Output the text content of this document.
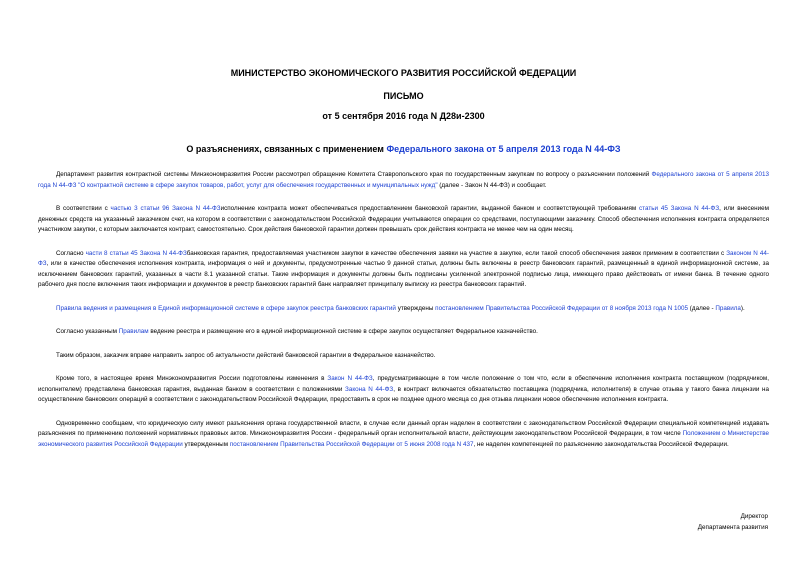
МИНИСТЕРСТВО ЭКОНОМИЧЕСКОГО РАЗВИТИЯ РОССИЙСКОЙ ФЕДЕРАЦИИ
ПИСЬМО
от 5 сентября 2016 года N Д28и-2300
О разъяснениях, связанных с применением Федерального закона от 5 апреля 2013 года N 44-ФЗ

Департамент развития контрактной системы Минэкономразвития России рассмотрел обращение Комитета Ставропольского края по государственным закупкам по вопросу о разъяснении положений Федерального закона от 5 апреля 2013 года N 44-ФЗ "О контрактной системе в сфере закупок товаров, работ, услуг для обеспечения государственных и муниципальных нужд" (далее - Закон N 44-ФЗ) и сообщает.

В соответствии с частью 3 статьи 96 Закона N 44-ФЗисполнение контракта может обеспечиваться предоставлением банковской гарантии, выданной банком и соответствующей требованиям статьи 45 Закона N 44-ФЗ, или внесением денежных средств на указанный заказчиком счет, на котором в соответствии с законодательством Российской Федерации учитываются операции со средствами, поступающими заказчику. Способ обеспечения исполнения контракта определяется участником закупки, с которым заключается контракт, самостоятельно. Срок действия банковской гарантии должен превышать срок действия контракта не менее чем на один месяц.

Согласно части 8 статьи 45 Закона N 44-ФЗбанковская гарантия, предоставляемая участником закупки в качестве обеспечения заявки на участие в закупке, если такой способ обеспечения заявок применим в соответствии с Законом N 44-ФЗ, или в качестве обеспечения исполнения контракта, информация о ней и документы, предусмотренные частью 9 данной статьи, должны быть включены в реестр банковских гарантий, размещенный в единой информационной системе, за исключением банковских гарантий, указанных в части 8.1 указанной статьи. Такие информация и документы должны быть подписаны усиленной электронной подписью лица, имеющего право действовать от имени банка. В течение одного рабочего дня после включения таких информации и документов в реестр банковских гарантий банк направляет принципалу выписку из реестра банковских гарантий.

Правила ведения и размещения в Единой информационной системе в сфере закупок реестра банковских гарантий утверждены постановлением Правительства Российской Федерации от 8 ноября 2013 года N 1005 (далее - Правила).

Согласно указанным Правилам ведение реестра и размещение его в единой информационной системе в сфере закупок осуществляет Федеральное казначейство.

Таким образом, заказчик вправе направить запрос об актуальности действий банковской гарантии в Федеральное казначейство.

Кроме того, в настоящее время Минэкономразвития России подготовлены изменения в Закон N 44-ФЗ, предусматривающие в том числе положение о том что, если в обеспечение исполнения контракта поставщиком (подрядчиком, исполнителем) представлена банковская гарантия, выданная банком в соответствии с положениями Закона N 44-ФЗ, в контракт включается обязательство поставщика (подрядчика, исполнителя) в случае отзыва у такого банка лицензии на осуществление банковских операций в соответствии с законодательством Российской Федерации, предоставить в срок не позднее одного месяца со дня отзыва лицензии новое обеспечение исполнения контракта.

Одновременно сообщаем, что юридическую силу имеют разъяснения органа государственной власти, в случае если данный орган наделен в соответствии с законодательством Российской Федерации специальной компетенцией издавать разъяснения по применению положений нормативных правовых актов. Минэкономразвития России - федеральный орган исполнительной власти, действующим законодательством Российской Федерации, в том числе Положением о Министерстве экономического развития Российской Федерации утвержденным постановлением Правительства Российской Федерации от 5 июня 2008 года N 437, не наделен компетенцией по разъяснению законодательства Российской Федерации.

Директор
Департамента развития
